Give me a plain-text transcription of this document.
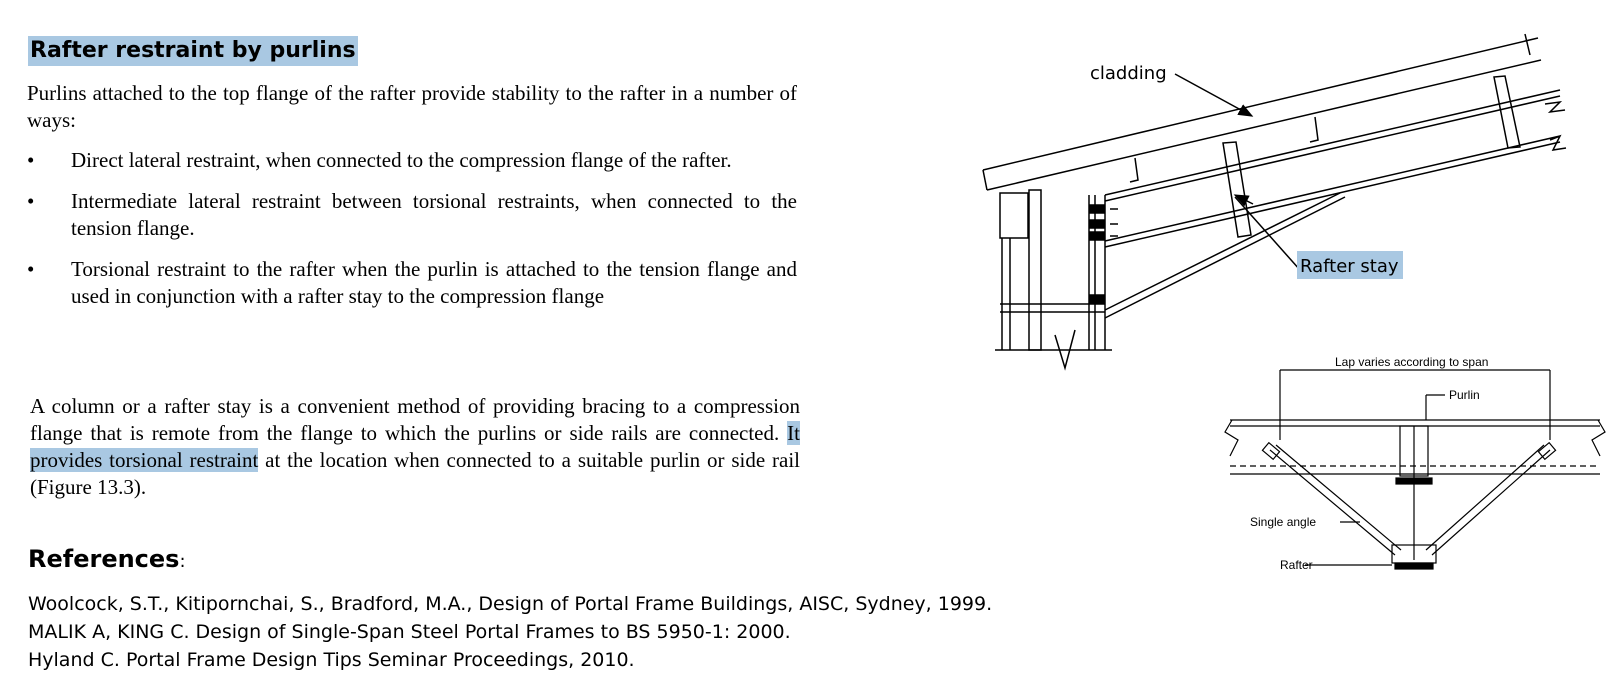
Rafter restraint by purlins

Purlins attached to the top flange of the rafter provide stability to the rafter in a number of ways:

• Direct lateral restraint, when connected to the compression flange of the rafter.
• Intermediate lateral restraint between torsional restraints, when connected to the tension flange.
• Torsional restraint to the rafter when the purlin is attached to the tension flange and used in conjunction with a rafter stay to the compression flange

A column or a rafter stay is a convenient method of providing bracing to a compression flange that is remote from the flange to which the purlins or side rails are connected. It provides torsional restraint at the location when connected to a suitable purlin or side rail (Figure 13.3).

References:
Woolcock, S.T., Kitipornchai, S., Bradford, M.A., Design of Portal Frame Buildings, AISC, Sydney, 1999.
MALIK A, KING C. Design of Single-Span Steel Portal Frames to BS 5950-1: 2000.
Hyland C. Portal Frame Design Tips Seminar Proceedings, 2010.
cladding
Rafter stay
Lap varies according to span
Purlin
Single angle
Rafter
